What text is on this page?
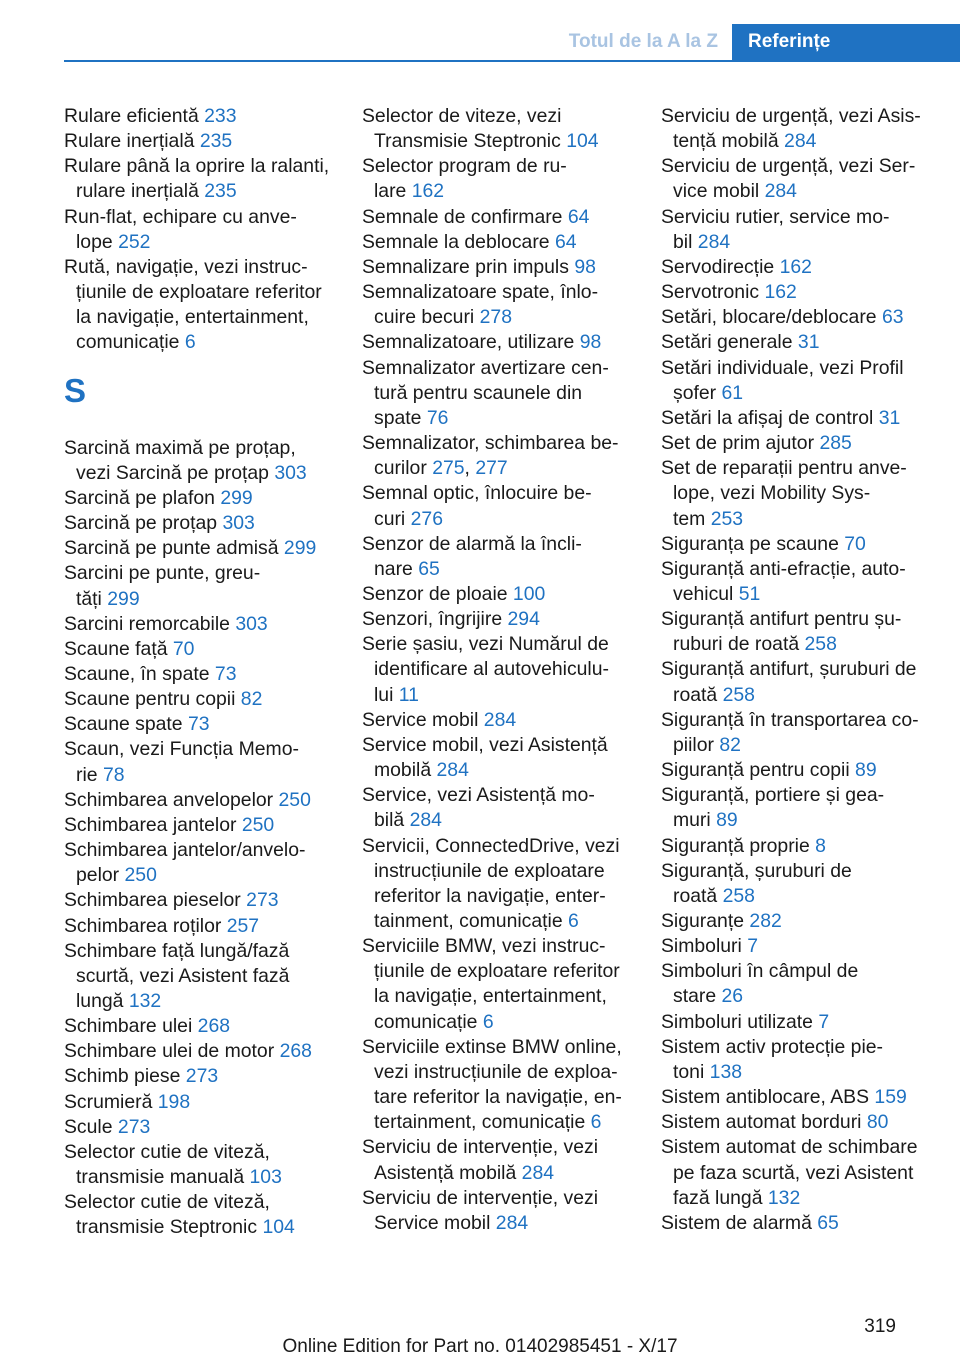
Totul de la A la Z	Referințe
Rulare eficientă 233
Rulare inerțială 235
Rulare până la oprire la ralanti,
rulare inerțială 235
Run-flat, echipare cu anve‐
lope 252
Rută, navigație, vezi instruc‐
țiunile de exploatare referitor
la navigație, entertainment,
comunicație 6
S
Sarcină maximă pe proțap,
vezi Sarcină pe proțap 303
Sarcină pe plafon 299
Sarcină pe proțap 303
Sarcină pe punte admisă 299
Sarcini pe punte, greu‐
tăți 299
Sarcini remorcabile 303
Scaune față 70
Scaune, în spate 73
Scaune pentru copii 82
Scaune spate 73
Scaun, vezi Funcția Memo‐
rie 78
Schimbarea anvelopelor 250
Schimbarea jantelor 250
Schimbarea jantelor/anvelo‐
pelor 250
Schimbarea pieselor 273
Schimbarea roților 257
Schimbare față lungă/fază
scurtă, vezi Asistent fază
lungă 132
Schimbare ulei 268
Schimbare ulei de motor 268
Schimb piese 273
Scrumieră 198
Scule 273
Selector cutie de viteză,
transmisie manuală 103
Selector cutie de viteză,
transmisie Steptronic 104
Selector de viteze, vezi
Transmisie Steptronic 104
Selector program de ru‐
lare 162
Semnale de confirmare 64
Semnale la deblocare 64
Semnalizare prin impuls 98
Semnalizatoare spate, înlo‐
cuire becuri 278
Semnalizatoare, utilizare 98
Semnalizator avertizare cen‐
tură pentru scaunele din
spate 76
Semnalizator, schimbarea be‐
curilor 275, 277
Semnal optic, înlocuire be‐
curi 276
Senzor de alarmă la încli‐
nare 65
Senzor de ploaie 100
Senzori, îngrijire 294
Serie șasiu, vezi Numărul de
identificare al autovehiculu‐
lui 11
Service mobil 284
Service mobil, vezi Asistență
mobilă 284
Service, vezi Asistență mo‐
bilă 284
Servicii, ConnectedDrive, vezi
instrucțiunile de exploatare
referitor la navigație, enter‐
tainment, comunicație 6
Serviciile BMW, vezi instruc‐
țiunile de exploatare referitor
la navigație, entertainment,
comunicație 6
Serviciile extinse BMW online,
vezi instrucțiunile de exploa‐
tare referitor la navigație, en‐
tertainment, comunicație 6
Serviciu de intervenție, vezi
Asistență mobilă 284
Serviciu de intervenție, vezi
Service mobil 284
Serviciu de urgență, vezi Asis‐
tență mobilă 284
Serviciu de urgență, vezi Ser‐
vice mobil 284
Serviciu rutier, service mo‐
bil 284
Servodirecție 162
Servotronic 162
Setări, blocare/deblocare 63
Setări generale 31
Setări individuale, vezi Profil
șofer 61
Setări la afișaj de control 31
Set de prim ajutor 285
Set de reparații pentru anve‐
lope, vezi Mobility Sys‐
tem 253
Siguranța pe scaune 70
Siguranță anti-efracție, auto‐
vehicul 51
Siguranță antifurt pentru șu‐
ruburi de roată 258
Siguranță antifurt, șuruburi de
roată 258
Siguranță în transportarea co‐
piilor 82
Siguranță pentru copii 89
Siguranță, portiere și gea‐
muri 89
Siguranță proprie 8
Siguranță, șuruburi de
roată 258
Siguranțe 282
Simboluri 7
Simboluri în câmpul de
stare 26
Simboluri utilizate 7
Sistem activ protecție pie‐
toni 138
Sistem antiblocare, ABS 159
Sistem automat borduri 80
Sistem automat de schimbare
pe faza scurtă, vezi Asistent
fază lungă 132
Sistem de alarmă 65
319
Online Edition for Part no. 01402985451 - X/17
